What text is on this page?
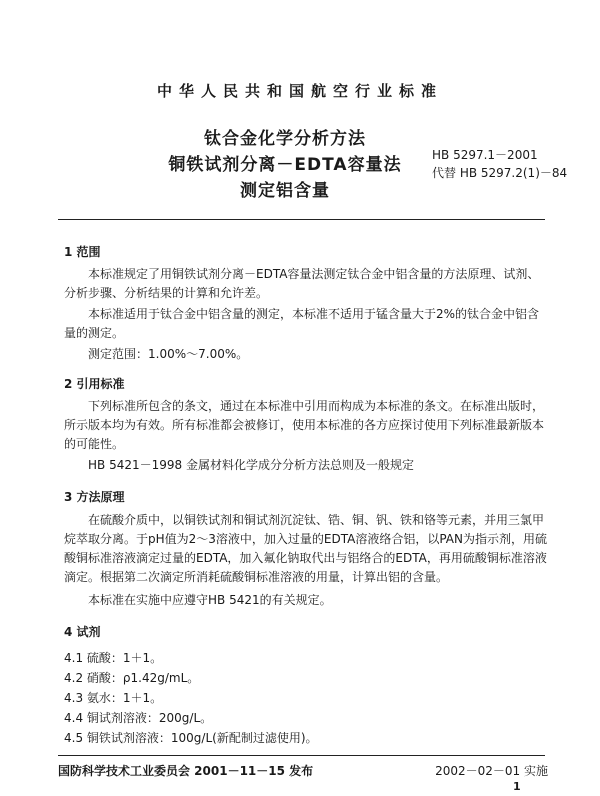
中华人民共和国航空行业标准
钛合金化学分析方法
铜铁试剂分离－EDTA容量法
测定铝含量
HB 5297.1－2001
代替 HB 5297.2(1)－84
1 范围
本标准规定了用铜铁试剂分离－EDTA容量法测定钛合金中铝含量的方法原理、试剂、分析步骤、分析结果的计算和允许差。
本标准适用于钛合金中铝含量的测定，本标准不适用于锰含量大于2%的钛合金中铝含量的测定。
测定范围：1.00%～7.00%。
2 引用标准
下列标准所包含的条文，通过在本标准中引用而构成为本标准的条文。在标准出版时，所示版本均为有效。所有标准都会被修订，使用本标准的各方应探讨使用下列标准最新版本的可能性。
HB 5421－1998 金属材料化学成分分析方法总则及一般规定
3 方法原理
在硫酸介质中，以铜铁试剂和铜试剂沉淀钛、锆、铜、钒、铁和铬等元素，并用三氯甲烷萃取分离。于pH值为2～3溶液中，加入过量的EDTA溶液络合铝，以PAN为指示剂，用硫酸铜标准溶液滴定过量的EDTA，加入氟化钠取代出与铝络合的EDTA，再用硫酸铜标准溶液滴定。根据第二次滴定所消耗硫酸铜标准溶液的用量，计算出铝的含量。
本标准在实施中应遵守HB 5421的有关规定。
4 试剂
4.1 硫酸：1＋1。
4.2 硝酸：ρ1.42g/mL。
4.3 氨水：1＋1。
4.4 铜试剂溶液：200g/L。
4.5 铜铁试剂溶液：100g/L(新配制过滤使用)。
国防科学技术工业委员会 2001－11－15 发布	2002－02－01 实施
1
